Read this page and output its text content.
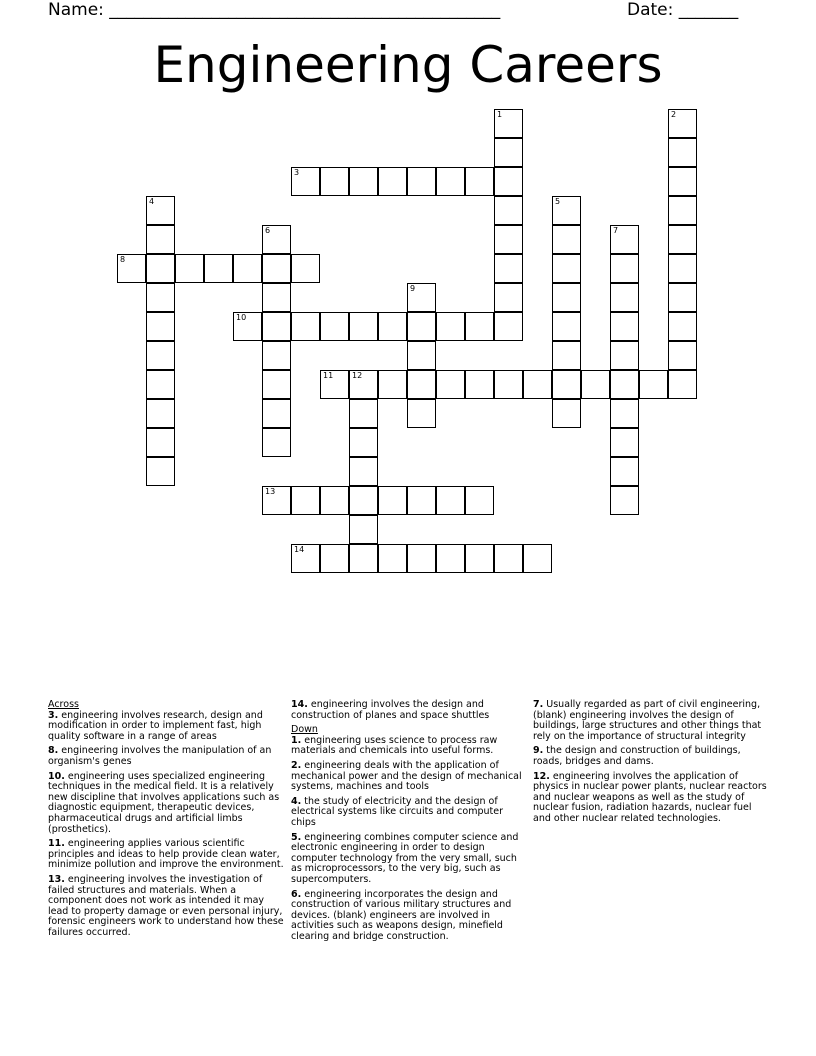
Name: ______________________________________________	Date: _______
Engineering Careers
1	2
3
4	5
6	7
8
9
10
11 12
13
14
Across
3. engineering involves research, design and modification in order to implement fast, high quality software in a range of areas
8. engineering involves the manipulation of an organism's genes
10. engineering uses specialized engineering techniques in the medical field. It is a relatively new discipline that involves applications such as diagnostic equipment, therapeutic devices, pharmaceutical drugs and artificial limbs (prosthetics).
11. engineering applies various scientific principles and ideas to help provide clean water, minimize pollution and improve the environment.
13. engineering involves the investigation of failed structures and materials. When a component does not work as intended it may lead to property damage or even personal injury, forensic engineers work to understand how these failures occurred.
14. engineering involves the design and construction of planes and space shuttles
Down
1. engineering uses science to process raw materials and chemicals into useful forms.
2. engineering deals with the application of mechanical power and the design of mechanical systems, machines and tools
4. the study of electricity and the design of electrical systems like circuits and computer chips
5. engineering combines computer science and electronic engineering in order to design computer technology from the very small, such as microprocessors, to the very big, such as supercomputers.
6. engineering incorporates the design and construction of various military structures and devices. (blank) engineers are involved in activities such as weapons design, minefield clearing and bridge construction.
7. Usually regarded as part of civil engineering, (blank) engineering involves the design of buildings, large structures and other things that rely on the importance of structural integrity
9. the design and construction of buildings, roads, bridges and dams.
12. engineering involves the application of physics in nuclear power plants, nuclear reactors and nuclear weapons as well as the study of nuclear fusion, radiation hazards, nuclear fuel and other nuclear related technologies.
